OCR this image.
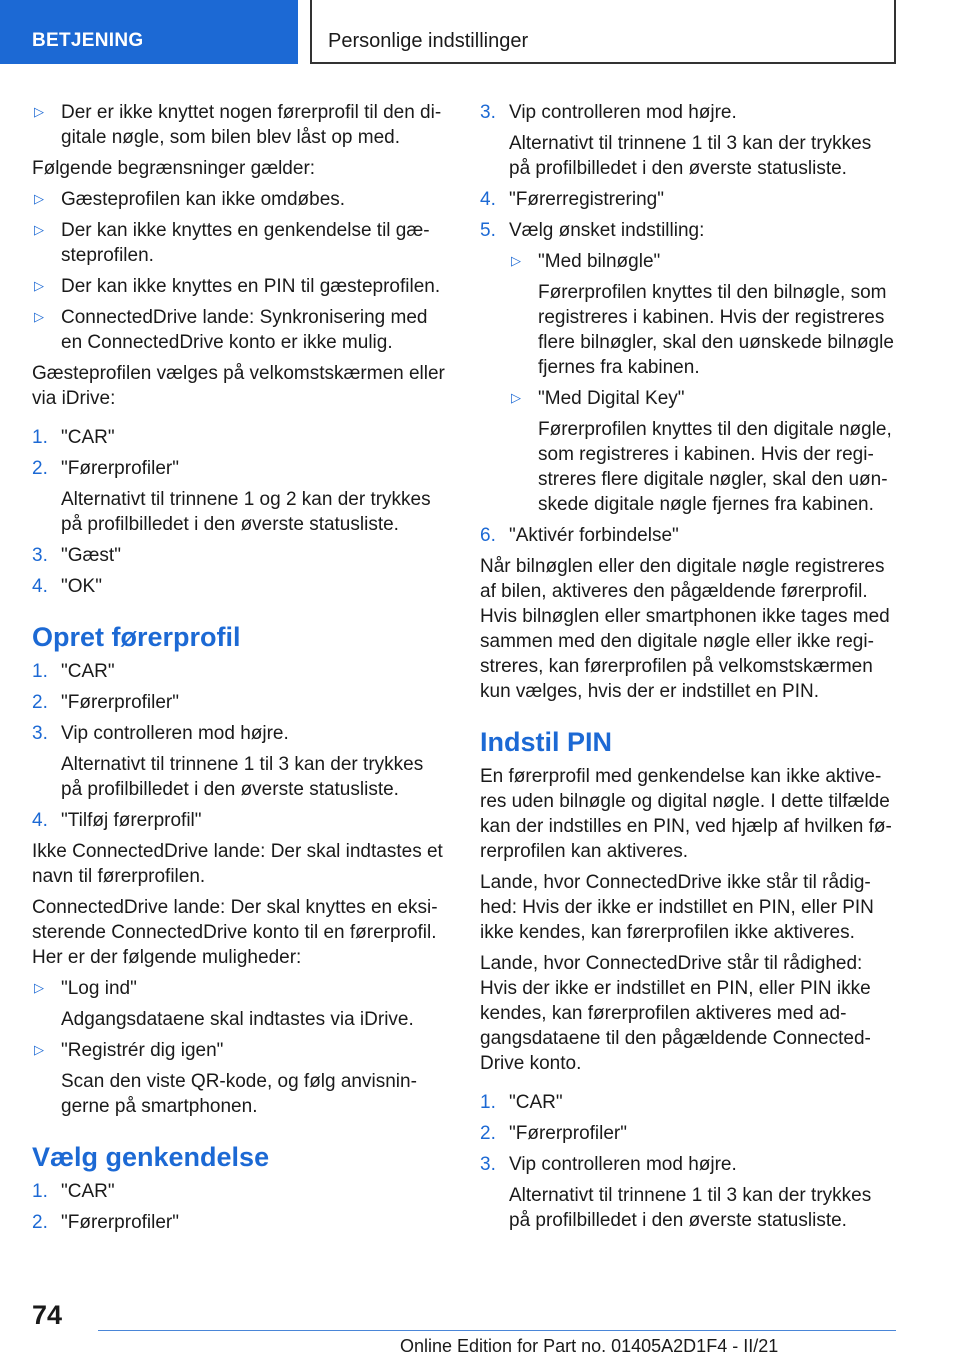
BETJENING	Personlige indstillinger
▷ Der er ikke knyttet nogen førerprofil til den di-
gitale nøgle, som bilen blev låst op med.
Følgende begrænsninger gælder:
▷ Gæsteprofilen kan ikke omdøbes.
▷ Der kan ikke knyttes en genkendelse til gæ-
steprofilen.
▷ Der kan ikke knyttes en PIN til gæsteprofilen.
▷ ConnectedDrive lande: Synkronisering med
en ConnectedDrive konto er ikke mulig.
Gæsteprofilen vælges på velkomstskærmen eller
via iDrive:
1. "CAR"
2. "Førerprofiler"
Alternativt til trinnene 1 og 2 kan der trykkes
på profilbilledet i den øverste statusliste.
3. "Gæst"
4. "OK"
Opret førerprofil
1. "CAR"
2. "Førerprofiler"
3. Vip controlleren mod højre.
Alternativt til trinnene 1 til 3 kan der trykkes
på profilbilledet i den øverste statusliste.
4. "Tilføj førerprofil"
Ikke ConnectedDrive lande: Der skal indtastes et
navn til førerprofilen.
ConnectedDrive lande: Der skal knyttes en eksi-
sterende ConnectedDrive konto til en førerprofil.
Her er der følgende muligheder:
▷ "Log ind"
Adgangsdataene skal indtastes via iDrive.
▷ "Registrér dig igen"
Scan den viste QR-kode, og følg anvisnin-
gerne på smartphonen.
Vælg genkendelse
1. "CAR"
2. "Førerprofiler"
3. Vip controlleren mod højre.
Alternativt til trinnene 1 til 3 kan der trykkes
på profilbilledet i den øverste statusliste.
4. "Førerregistrering"
5. Vælg ønsket indstilling:
▷ "Med bilnøgle"
Førerprofilen knyttes til den bilnøgle, som
registreres i kabinen. Hvis der registreres
flere bilnøgler, skal den uønskede bilnøgle
fjernes fra kabinen.
▷ "Med Digital Key"
Førerprofilen knyttes til den digitale nøgle,
som registreres i kabinen. Hvis der regi-
streres flere digitale nøgler, skal den uøn-
skede digitale nøgle fjernes fra kabinen.
6. "Aktivér forbindelse"
Når bilnøglen eller den digitale nøgle registreres
af bilen, aktiveres den pågældende førerprofil.
Hvis bilnøglen eller smartphonen ikke tages med
sammen med den digitale nøgle eller ikke regi-
streres, kan førerprofilen på velkomstskærmen
kun vælges, hvis der er indstillet en PIN.
Indstil PIN
En førerprofil med genkendelse kan ikke aktive-
res uden bilnøgle og digital nøgle. I dette tilfælde
kan der indstilles en PIN, ved hjælp af hvilken fø-
rerprofilen kan aktiveres.
Lande, hvor ConnectedDrive ikke står til rådig-
hed: Hvis der ikke er indstillet en PIN, eller PIN
ikke kendes, kan førerprofilen ikke aktiveres.
Lande, hvor ConnectedDrive står til rådighed:
Hvis der ikke er indstillet en PIN, eller PIN ikke
kendes, kan førerprofilen aktiveres med ad-
gangsdataene til den pågældende Connected-
Drive konto.
1. "CAR"
2. "Førerprofiler"
3. Vip controlleren mod højre.
Alternativt til trinnene 1 til 3 kan der trykkes
på profilbilledet i den øverste statusliste.
74
Online Edition for Part no. 01405A2D1F4 - II/21
